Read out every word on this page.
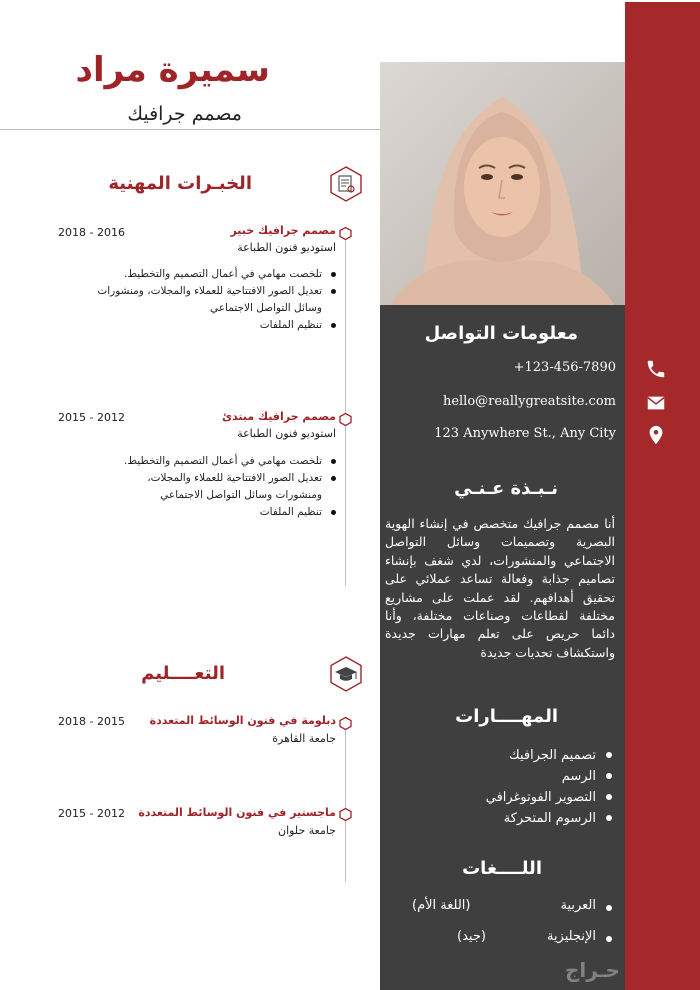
سميرة مراد
مصمم جرافيك
الخبـرات المهنية
مصمم جرافيك خبير
استوديو فنون الطباعة
2018 - 2016
تلخصت مهامي في أعمال التصميم والتخطيط.
تعديل الصور الافتتاحية للعملاء والمجلات، ومنشورات
وسائل التواصل الاجتماعي
تنظيم الملفات
مصمم جرافيك مبتدئ
استوديو فنون الطباعة
2015 - 2012
تلخصت مهامي في أعمال التصميم والتخطيط.
تعديل الصور الافتتاحية للعملاء والمجلات،
ومنشورات وسائل التواصل الاجتماعي
تنظيم الملفات
التعــــليم
دبلومة في فنون الوسائط المتعددة
جامعة القاهرة
2018 - 2015
ماجستير في فنون الوسائط المتعددة
جامعة حلوان
2015 - 2012
معلومات التواصل
+123-456-7890
hello@reallygreatsite.com
123 Anywhere St., Any City
نـبـذة عـنـي
أنا مصمم جرافيك متخصص في إنشاء الهوية البصرية وتصميمات وسائل التواصل الاجتماعي والمنشورات، لدي شغف بإنشاء تصاميم جذابة وفعالة تساعد عملائي على تحقيق أهدافهم. لقد عملت على مشاريع مختلفة لقطاعات وصناعات مختلفة، وأنا دائما حريص على تعلم مهارات جديدة واستكشاف تحديات جديدة
المهــــارات
تصميم الجرافيك
الرسم
التصوير الفوتوغرافي
الرسوم المتحركة
اللــــغات
العربية
(اللغة الأم)
الإنجليزية
(جيد)
حـراج
